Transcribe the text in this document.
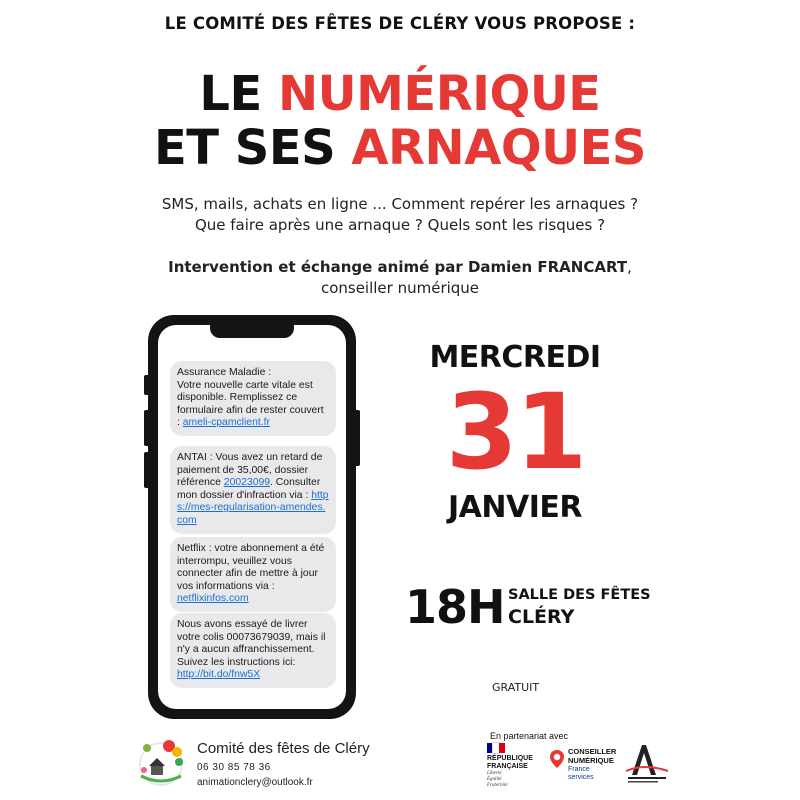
LE COMITÉ DES FÊTES DE CLÉRY VOUS PROPOSE :
LE NUMÉRIQUE
ET SES ARNAQUES
SMS, mails, achats en ligne ... Comment repérer les arnaques ?
Que faire après une arnaque ? Quels sont les risques ?
Intervention et échange animé par Damien FRANCART,
conseiller numérique
Assurance Maladie :
Votre nouvelle carte vitale est disponible. Remplissez ce formulaire afin de rester couvert : ameli-cpamclient.fr
ANTAI : Vous avez un retard de paiement de 35,00€, dossier référence 20023099. Consulter mon dossier d'infraction via : https://mes-regularisation-amendes.com
Netflix : votre abonnement a été interrompu, veuillez vous connecter afin de mettre à jour vos informations via : netflixinfos.com
Nous avons essayé de livrer votre colis 00073679039, mais il n'y a aucun affranchissement. Suivez les instructions ici: http://bit.do/fnw5X
MERCREDI
31
JANVIER
18H SALLE DES FÊTES
CLÉRY
GRATUIT
Comité des fêtes de Cléry
06 30 85 78 36
animationclery@outlook.fr
En partenariat avec
RÉPUBLIQUE
FRANÇAISE
Liberté
Égalité
Fraternité
CONSEILLER
NUMÉRIQUE
France
services
